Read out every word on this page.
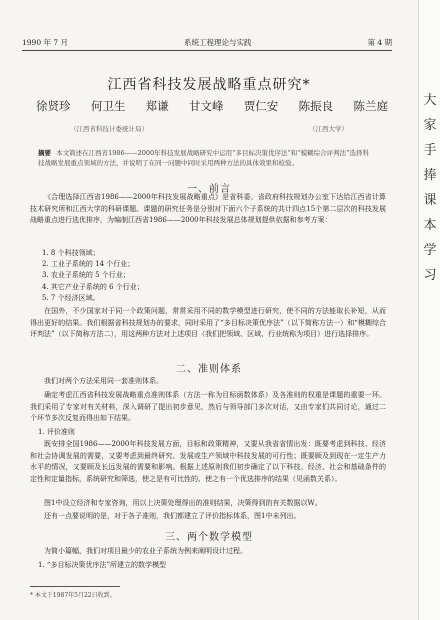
1990 年 7 月	系统工程理论与实践	第 4 期
江西省科技发展战略重点研究*
徐贤珍 何卫生 郑谦 甘文峰 贾仁安 陈振良 陈兰庭
（江西省科技计委统计局）	（江西大学）
摘要 本文简述在江西省1986——2000年科技发展战略研究中运用“多目标决策优序法”和“模糊综合评判法”选择科技战略发展重点领域的方法，并说明了在同一问题中同时采用两种方法的具体效果和检验。
一、前言

《合理选择江西省1986——2000年科技发展战略重点》是省科委、省政府科技规划办公室下达给江西省计算技术研究所和江西大学的科研课题。课题的研究任务是分别对下面六个子系统的共计四点15个第二层次的科技发展战略重点进行选优排序，为编制江西省1986——2000年科技发展总体规划提供依据和参考方案：

1. 8 个科技领域；
2. 工业子系统的 14 个行业；
3. 农业子系统的 5 个行业；
4. 其它产业子系统的 6 个行业；
5. 7 个经济区域。

在国外，不少国家对于同一个政策问题，常常采用不同的数学模型进行研究，使不同的方法能取长补短，从而得出更好的结果。我们根据省科技规划办的要求，同时采用了“多目标决策优序法”（以下简称方法一）和“模糊综合评判法”（以下简称方法二），用这两种方法对上述项目（我们把领域、区域、行业统称为项目）进行选择排序。

二、准则体系

我们对两个方法采用同一套准则体系。

确定考虑江西省科技发展战略重点准则体系（方法一称为目标函数体系）及各准则的权重是课题的重要一环。我们采用了专家对有关材料，深入调研了提出初步意见，然后与领导部门多次对话，又由专家们共同讨论，通过二个环节多次反复而得出如下结果。

1. 评价准则

既安排全国1986——2000年科技发展方面，目标和政策精神，又要从我省省情出发：既要考虑到科技、经济和社会协调发展的需要，又要考虑到最终研究、发展或生产领域中科技发展的可行性；既要顾及到现在一定生产力水平的情况，又要顾及长远发展的需要和影响。根据上述原则我们初步确定了以下科技、经济、社会和基础条件的定性和定量指标，系统研究和筛选，使之是有可比性的、使之有一个优选排序的结果（见函数关系）。

图1中设立经济和专家咨询，用以上决策处理得出的准则结果，决策得到的有关数据以W。

还有一点要说明的是，对于各子准则，我们都建立了评价指标体系，图1中未列出。

三、两个数学模型

为简小篇幅，我们对项目最少的农业子系统为例来阐明设计过程。

1. “多目标决策优序法”所建立的数学模型
* 本文于1987年5月22日收到。
大 家 手 捧 课 本 学 习
